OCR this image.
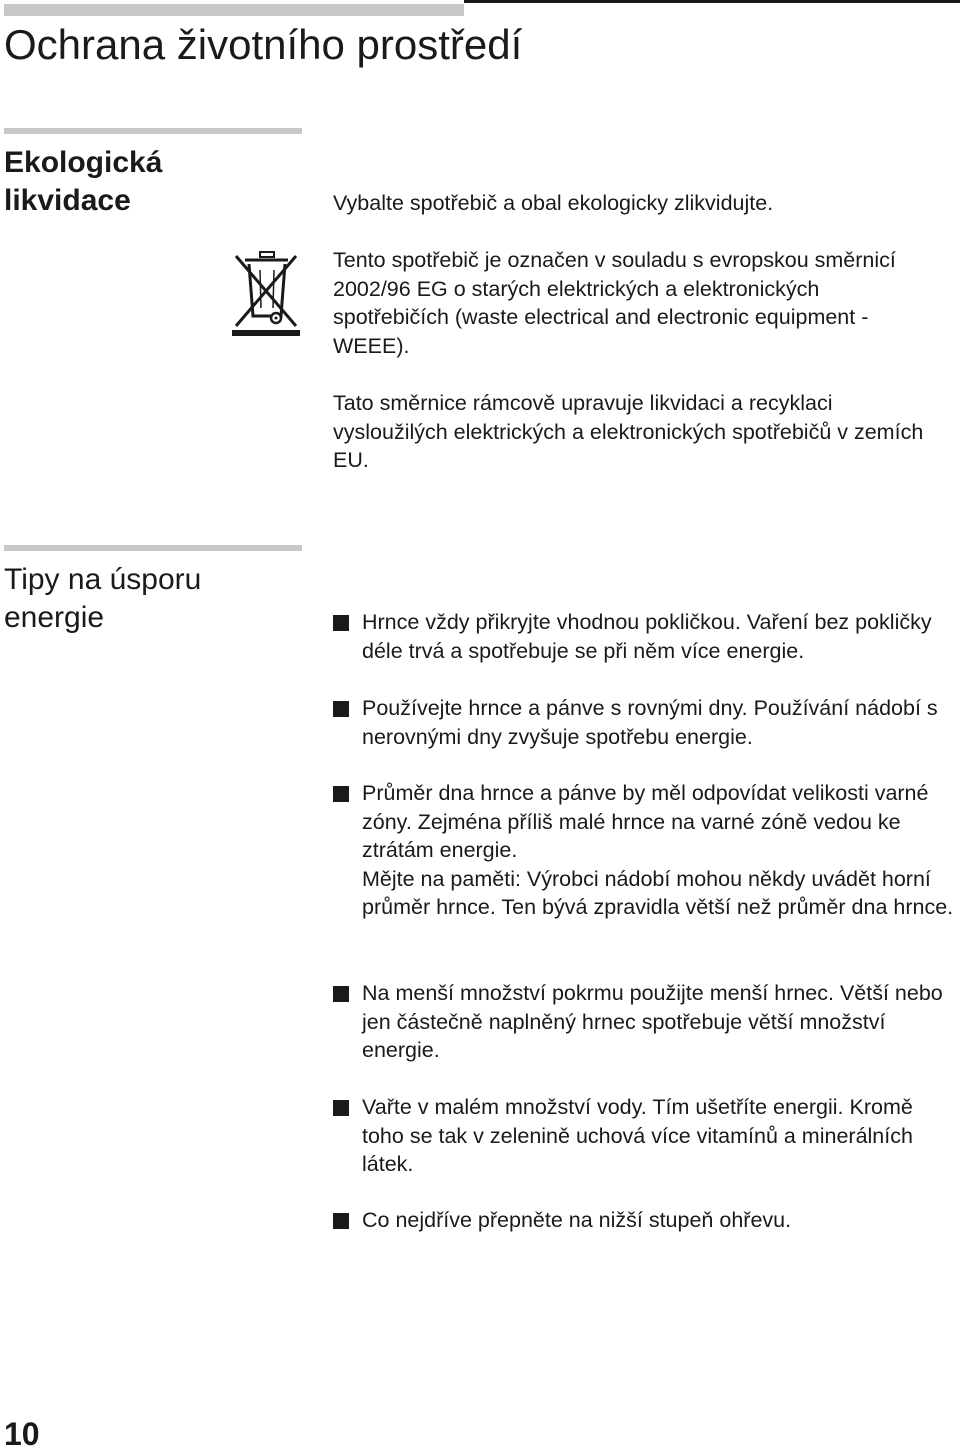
Ochrana životního prostředí
Ekologická likvidace	Vybalte spotřebič a obal ekologicky zlikvidujte.

Tento spotřebič je označen v souladu s evropskou směrnicí 2002/96 EG o starých elektrických a elektronických spotřebičích (waste electrical and electronic equipment - WEEE).

Tato směrnice rámcově upravuje likvidaci a recyklaci vysloužilých elektrických a elektronických spotřebičů v zemích EU.

Tipy na úsporu energie	Hrnce vždy přikryjte vhodnou pokličkou. Vaření bez pokličky déle trvá a spotřebuje se při něm více energie.

Používejte hrnce a pánve s rovnými dny. Používání nádobí s nerovnými dny zvyšuje spotřebu energie.

Průměr dna hrnce a pánve by měl odpovídat velikosti varné zóny. Zejména příliš malé hrnce na varné zóně vedou ke ztrátám energie.
Mějte na paměti: Výrobci nádobí mohou někdy uvádět horní průměr hrnce. Ten bývá zpravidla větší než průměr dna hrnce.

Na menší množství pokrmu použijte menší hrnec. Větší nebo jen částečně naplněný hrnec spotřebuje větší množství energie.

Vařte v malém množství vody. Tím ušetříte energii. Kromě toho se tak v zelenině uchová více vitamínů a minerálních látek.

Co nejdříve přepněte na nižší stupeň ohřevu.

10
